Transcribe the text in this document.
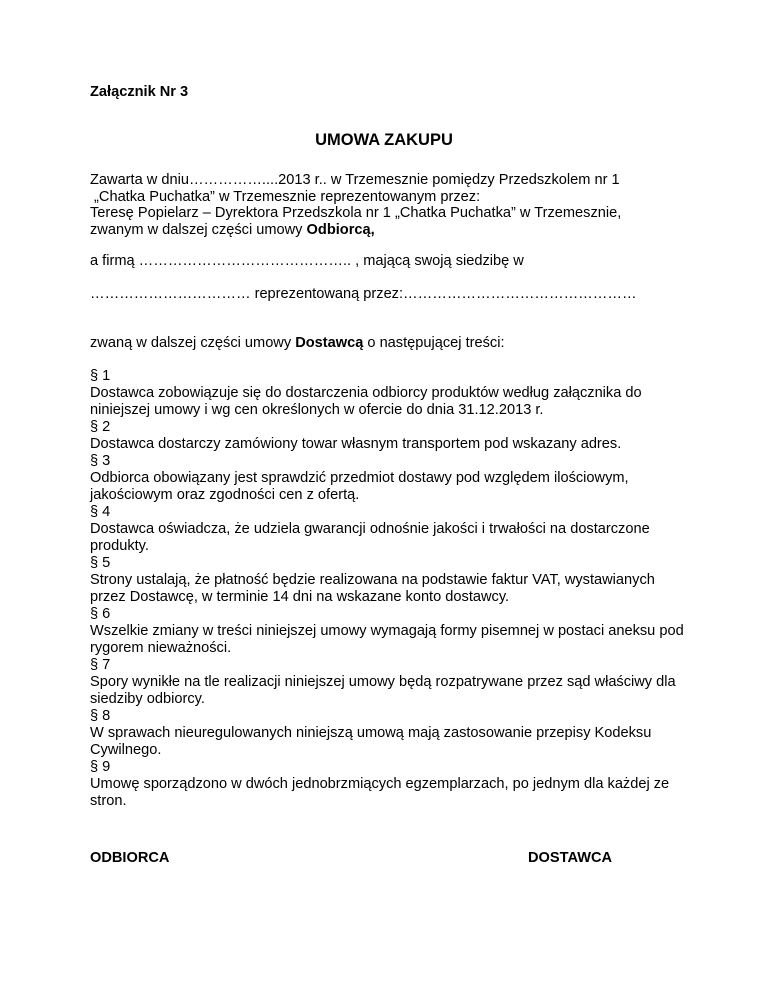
Załącznik Nr 3

UMOWA ZAKUPU

Zawarta w dniu……………....2013 r.. w Trzemesznie pomiędzy Przedszkolem nr 1

„Chatka Puchatka” w Trzemesznie reprezentowanym przez:

Teresę Popielarz – Dyrektora Przedszkola nr 1 „Chatka Puchatka” w Trzemesznie,

zwanym w dalszej części umowy Odbiorcą,

a firmą …………………………………….. , mającą swoją siedzibę w

…………………………… reprezentowaną przez:…………………………………………

zwaną w dalszej części umowy Dostawcą o następującej treści:

§ 1

Dostawca zobowiązuje się do dostarczenia odbiorcy produktów według załącznika do niniejszej umowy i wg cen określonych w ofercie do dnia 31.12.2013 r.

§ 2

Dostawca dostarczy zamówiony towar własnym transportem pod wskazany adres.

§ 3

Odbiorca obowiązany jest sprawdzić przedmiot dostawy pod względem ilościowym, jakościowym oraz zgodności cen z ofertą.

§ 4

Dostawca oświadcza, że udziela gwarancji odnośnie jakości i trwałości na dostarczone produkty.

§ 5

Strony ustalają, że płatność będzie realizowana na podstawie faktur VAT, wystawianych przez Dostawcę, w terminie 14 dni na wskazane konto dostawcy.

§ 6

Wszelkie zmiany w treści niniejszej umowy wymagają formy pisemnej w postaci aneksu pod rygorem nieważności.

§ 7

Spory wynikłe na tle realizacji niniejszej umowy będą rozpatrywane przez sąd właściwy dla siedziby odbiorcy.

§ 8

W sprawach nieuregulowanych niniejszą umową mają zastosowanie przepisy Kodeksu Cywilnego.

§ 9

Umowę sporządzono w dwóch jednobrzmiących egzemplarzach, po jednym dla każdej ze stron.

ODBIORCA	DOSTAWCA
